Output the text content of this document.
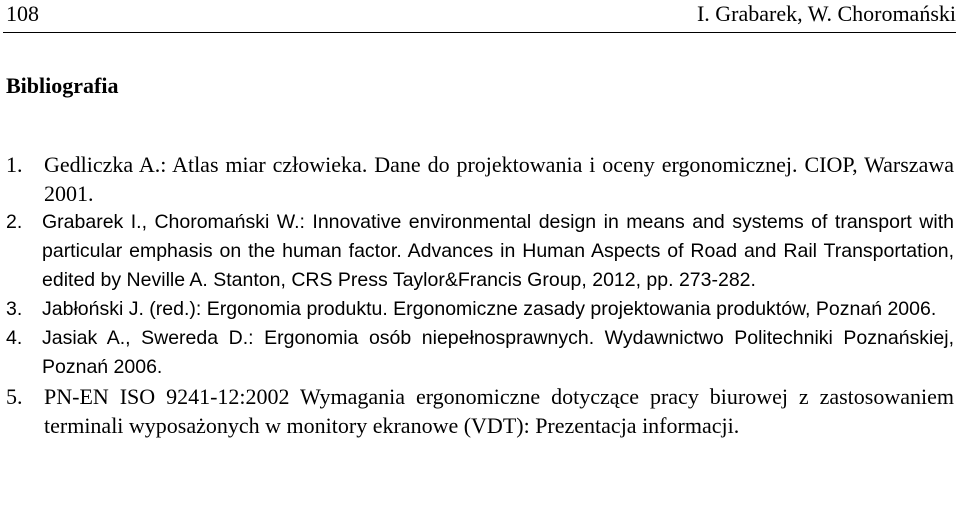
108	I. Grabarek, W. Choromański
Bibliografia
1. Gedliczka A.: Atlas miar człowieka. Dane do projektowania i oceny ergonomicznej. CIOP, Warszawa 2001.
2. Grabarek I., Choromański W.: Innovative environmental design in means and systems of transport with particular emphasis on the human factor. Advances in Human Aspects of Road and Rail Transportation, edited by Neville A. Stanton, CRS Press Taylor&Francis Group, 2012, pp. 273-282.
3. Jabłoński J. (red.): Ergonomia produktu. Ergonomiczne zasady projektowania produktów, Poznań 2006.
4. Jasiak A., Swereda D.: Ergonomia osób niepełnosprawnych. Wydawnictwo Politechniki Poznańskiej, Poznań 2006.
5. PN-EN ISO 9241-12:2002 Wymagania ergonomiczne dotyczące pracy biurowej z zastosowaniem terminali wyposażonych w monitory ekranowe (VDT): Prezentacja informacji.
